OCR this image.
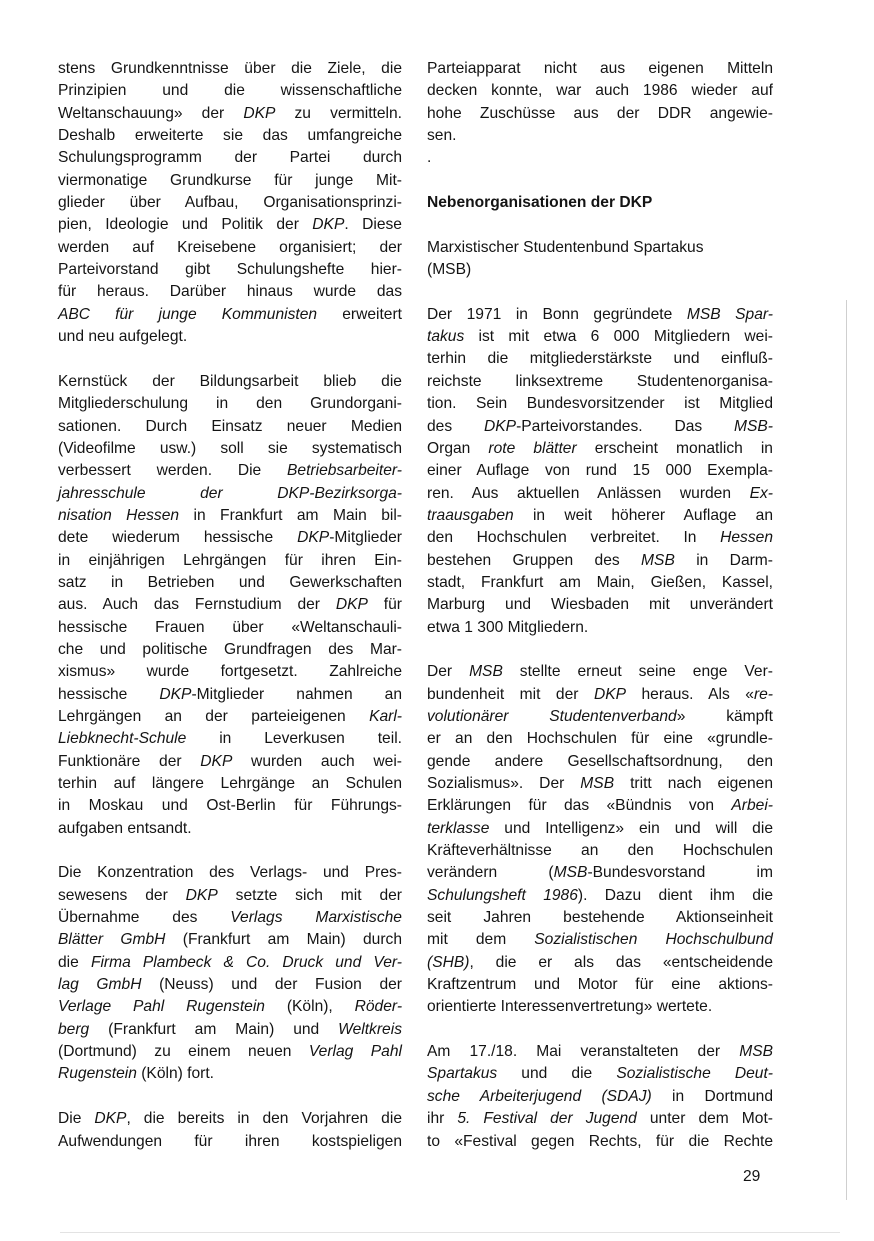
stens Grundkenntnisse über die Ziele, die
Prinzipien und die wissenschaftliche
Weltanschauung» der DKP zu vermitteln.
Deshalb erweiterte sie das umfangreiche
Schulungsprogramm der Partei durch
viermonatige Grundkurse für junge Mit-
glieder über Aufbau, Organisationsprinzi-
pien, Ideologie und Politik der DKP. Diese
werden auf Kreisebene organisiert; der
Parteivorstand gibt Schulungshefte hier-
für heraus. Darüber hinaus wurde das
ABC für junge Kommunisten erweitert
und neu aufgelegt.
Kernstück der Bildungsarbeit blieb die
Mitgliederschulung in den Grundorgani-
sationen. Durch Einsatz neuer Medien
(Videofilme usw.) soll sie systematisch
verbessert werden. Die Betriebsarbeiter-
jahresschule der DKP-Bezirksorga-
nisation Hessen in Frankfurt am Main bil-
dete wiederum hessische DKP-Mitglieder
in einjährigen Lehrgängen für ihren Ein-
satz in Betrieben und Gewerkschaften
aus. Auch das Fernstudium der DKP für
hessische Frauen über «Weltanschauli-
che und politische Grundfragen des Mar-
xismus» wurde fortgesetzt. Zahlreiche
hessische DKP-Mitglieder nahmen an
Lehrgängen an der parteieigenen Karl-
Liebknecht-Schule in Leverkusen teil.
Funktionäre der DKP wurden auch wei-
terhin auf längere Lehrgänge an Schulen
in Moskau und Ost-Berlin für Führungs-
aufgaben entsandt.
Die Konzentration des Verlags- und Pres-
sewesens der DKP setzte sich mit der
Übernahme des Verlags Marxistische
Blätter GmbH (Frankfurt am Main) durch
die Firma Plambeck & Co. Druck und Ver-
lag GmbH (Neuss) und der Fusion der
Verlage Pahl Rugenstein (Köln), Röder-
berg (Frankfurt am Main) und Weltkreis
(Dortmund) zu einem neuen Verlag Pahl
Rugenstein (Köln) fort.
Die DKP, die bereits in den Vorjahren die
Aufwendungen für ihren kostspieligen
Parteiapparat nicht aus eigenen Mitteln
decken konnte, war auch 1986 wieder auf
hohe Zuschüsse aus der DDR angewie-
sen.
.
Nebenorganisationen der DKP
Marxistischer Studentenbund Spartakus
(MSB)
Der 1971 in Bonn gegründete MSB Spar-
takus ist mit etwa 6 000 Mitgliedern wei-
terhin die mitgliederstärkste und einfluß-
reichste linksextreme Studentenorganisa-
tion. Sein Bundesvorsitzender ist Mitglied
des DKP-Parteivorstandes. Das MSB-
Organ rote blätter erscheint monatlich in
einer Auflage von rund 15 000 Exempla-
ren. Aus aktuellen Anlässen wurden Ex-
traausgaben in weit höherer Auflage an
den Hochschulen verbreitet. In Hessen
bestehen Gruppen des MSB in Darm-
stadt, Frankfurt am Main, Gießen, Kassel,
Marburg und Wiesbaden mit unverändert
etwa 1 300 Mitgliedern.
Der MSB stellte erneut seine enge Ver-
bundenheit mit der DKP heraus. Als «re-
volutionärer Studentenverband» kämpft
er an den Hochschulen für eine «grundle-
gende andere Gesellschaftsordnung, den
Sozialismus». Der MSB tritt nach eigenen
Erklärungen für das «Bündnis von Arbei-
terklasse und Intelligenz» ein und will die
Kräfteverhältnisse an den Hochschulen
verändern (MSB-Bundesvorstand im
Schulungsheft 1986). Dazu dient ihm die
seit Jahren bestehende Aktionseinheit
mit dem Sozialistischen Hochschulbund
(SHB), die er als das «entscheidende
Kraftzentrum und Motor für eine aktions-
orientierte Interessenvertretung» wertete.
Am 17./18. Mai veranstalteten der MSB
Spartakus und die Sozialistische Deut-
sche Arbeiterjugend (SDAJ) in Dortmund
ihr 5. Festival der Jugend unter dem Mot-
to «Festival gegen Rechts, für die Rechte
29
